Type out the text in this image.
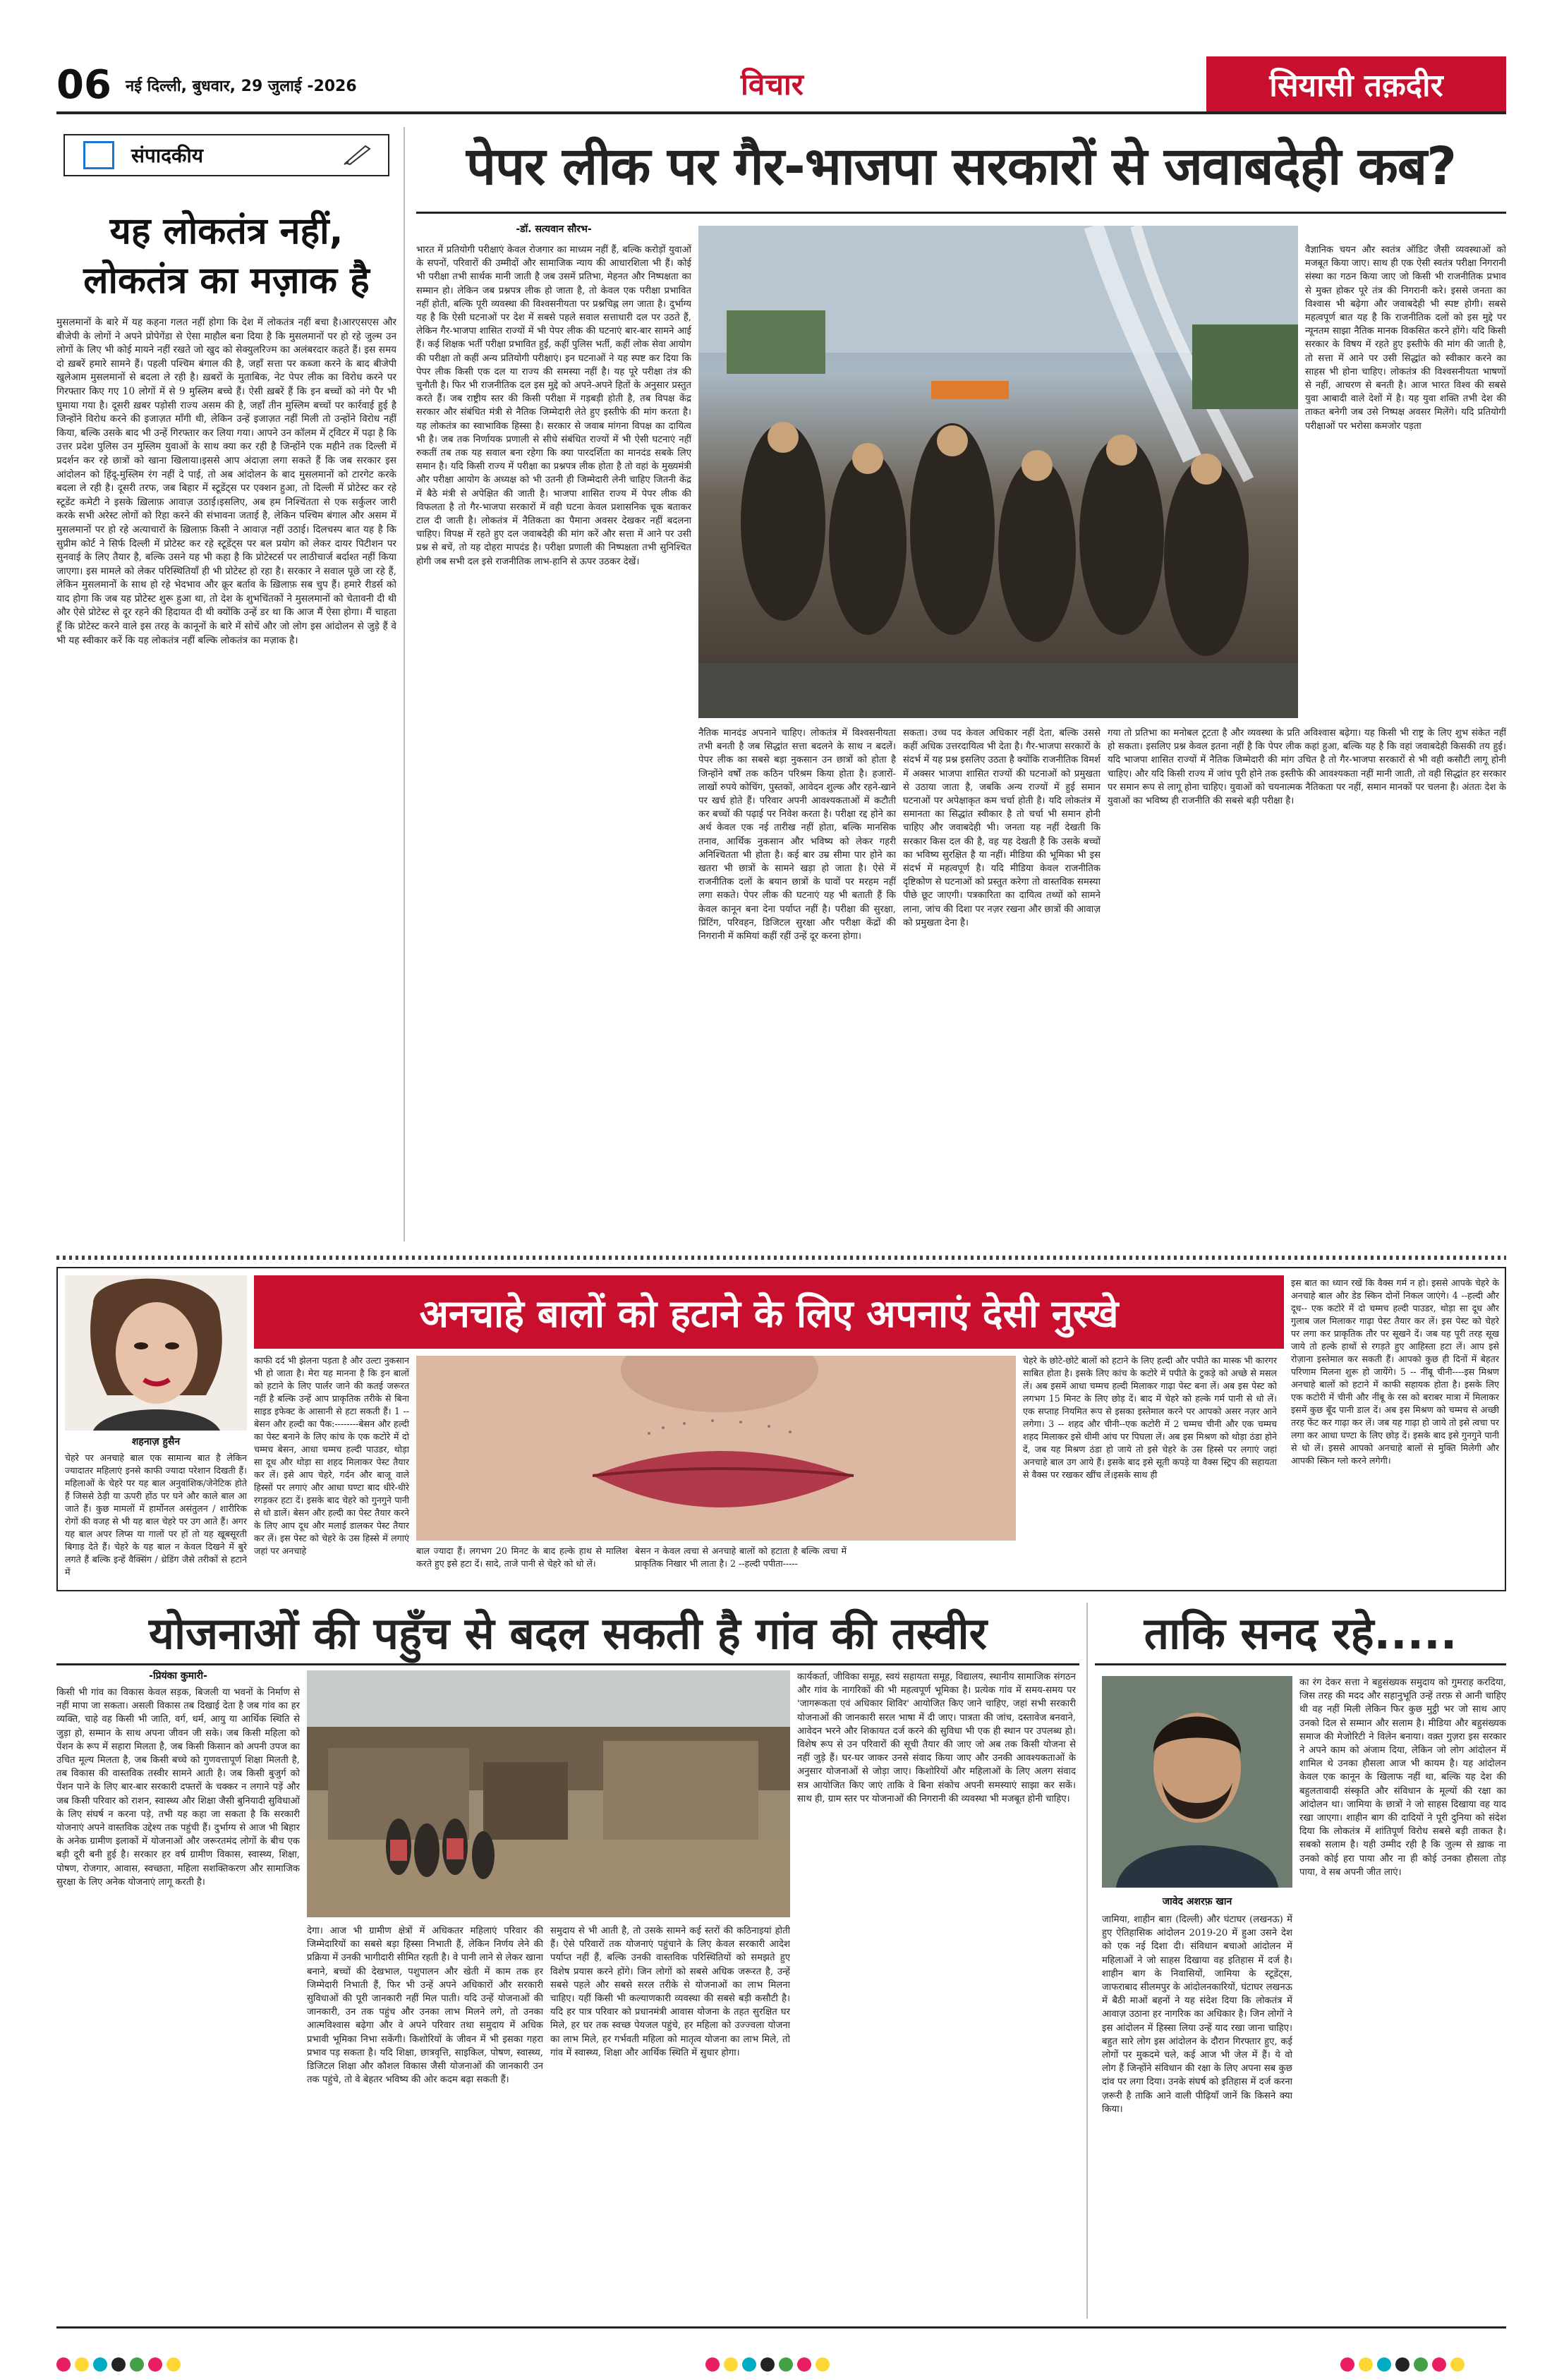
06 नई दिल्ली, बुधवार, 29 जुलाई -2026	विचार	सियासी तक़दीर
संपादकीय
यह लोकतंत्र नहीं,
लोकतंत्र का मज़ाक है
मुसलमानों के बारे में यह कहना गलत नहीं होगा कि देश में लोकतंत्र नहीं बचा है।आरएसएस और बीजेपी के लोगों ने अपने प्रोपेगेंडा से ऐसा माहौल बना दिया है कि मुसलमानों पर हो रहे जुल्म उन लोगों के लिए भी कोई मायने नहीं रखते जो खुद को सेक्युलरिज्म का अलंबरदार कहते हैं। इस समय दो ख़बरें हमारे सामने हैं। पहली पश्चिम बंगाल की है, जहाँ सत्ता पर कब्जा करने के बाद बीजेपी खुलेआम मुसलमानों से बदला ले रही है। ख़बरों के मुताबिक, नेट पेपर लीक का विरोध करने पर गिरफ्तार किए गए 10 लोगों में से 9 मुस्लिम बच्चे हैं। ऐसी ख़बरें हैं कि इन बच्चों को नंगे पैर भी घुमाया गया है। दूसरी ख़बर पड़ोसी राज्य असम की है, जहाँ तीन मुस्लिम बच्चों पर कार्रवाई हुई है जिन्होंने विरोध करने की इजाज़त माँगी थी, लेकिन उन्हें इजाज़त नहीं मिली तो उन्होंने विरोध नहीं किया, बल्कि उसके बाद भी उन्हें गिरफ्तार कर लिया गया। आपने उन कॉलम में ट्विटर में पढ़ा है कि उत्तर प्रदेश पुलिस उन मुस्लिम युवाओं के साथ क्या कर रही है जिन्होंने एक महीने तक दिल्ली में प्रदर्शन कर रहे छात्रों को खाना खिलाया।इससे आप अंदाज़ा लगा सकते हैं कि जब सरकार इस आंदोलन को हिंदू-मुस्लिम रंग नहीं दे पाई, तो अब आंदोलन के बाद मुसलमानों को टारगेट करके बदला ले रही है। दूसरी तरफ, जब बिहार में स्टूडेंट्स पर एक्शन हुआ, तो दिल्ली में प्रोटेस्ट कर रहे स्टूडेंट कमेटी ने इसके ख़िलाफ़ आवाज़ उठाई।इसलिए, अब हम निश्चिंतता से एक सर्कुलर जारी करके सभी अरेस्ट लोगों को रिहा करने की संभावना जताई है, लेकिन पश्चिम बंगाल और असम में मुसलमानों पर हो रहे अत्याचारों के ख़िलाफ़ किसी ने आवाज़ नहीं उठाई। दिलचस्प बात यह है कि सुप्रीम कोर्ट ने सिर्फ दिल्ली में प्रोटेस्ट कर रहे स्टूडेंट्स पर बल प्रयोग को लेकर दायर पिटीशन पर सुनवाई के लिए तैयार है, बल्कि उसने यह भी कहा है कि प्रोटेस्टर्स पर लाठीचार्ज बर्दाश्त नहीं किया जाएगा। इस मामले को लेकर परिस्थितियाँ ही भी प्रोटेस्ट हो रहा है। सरकार ने सवाल पूछे जा रहे हैं, लेकिन मुसलमानों के साथ हो रहे भेदभाव और क्रूर बर्ताव के ख़िलाफ़ सब चुप हैं। हमारे रीडर्स को याद होगा कि जब यह प्रोटेस्ट शुरू हुआ था, तो देश के शुभचिंतकों ने मुसलमानों को चेतावनी दी थी और ऐसे प्रोटेस्ट से दूर रहने की हिदायत दी थी क्योंकि उन्हें डर था कि आज मैं ऐसा होगा। मैं चाहता हूँ कि प्रोटेस्ट करने वाले इस तरह के कानूनों के बारे में सोचें और जो लोग इस आंदोलन से जुड़े हैं वे भी यह स्वीकार करें कि यह लोकतंत्र नहीं बल्कि लोकतंत्र का मज़ाक है।
पेपर लीक पर गैर-भाजपा सरकारों से जवाबदेही कब?
-डॉ. सत्यवान सौरभ-
भारत में प्रतियोगी परीक्षाएं केवल रोजगार का माध्यम नहीं हैं, बल्कि करोड़ों युवाओं के सपनों, परिवारों की उम्मीदों और सामाजिक न्याय की आधारशिला भी हैं। कोई भी परीक्षा तभी सार्थक मानी जाती है जब उसमें प्रतिभा, मेहनत और निष्पक्षता का सम्मान हो। लेकिन जब प्रश्नपत्र लीक हो जाता है, तो केवल एक परीक्षा प्रभावित नहीं होती, बल्कि पूरी व्यवस्था की विश्वसनीयता पर प्रश्नचिह्न लग जाता है। दुर्भाग्य यह है कि ऐसी घटनाओं पर देश में सबसे पहले सवाल सत्ताधारी दल पर उठते हैं, लेकिन गैर-भाजपा शासित राज्यों में भी पेपर लीक की घटनाएं बार-बार सामने आई हैं। कई शिक्षक भर्ती परीक्षा प्रभावित हुईं, कहीं पुलिस भर्ती, कहीं लोक सेवा आयोग की परीक्षा तो कहीं अन्य प्रतियोगी परीक्षाएं। इन घटनाओं ने यह स्पष्ट कर दिया कि पेपर लीक किसी एक दल या राज्य की समस्या नहीं है। यह पूरे परीक्षा तंत्र की चुनौती है। फिर भी राजनीतिक दल इस मुद्दे को अपने-अपने हितों के अनुसार प्रस्तुत करते हैं। जब राष्ट्रीय स्तर की किसी परीक्षा में गड़बड़ी होती है, तब विपक्ष केंद्र सरकार और संबंधित मंत्री से नैतिक जिम्मेदारी लेते हुए इस्तीफे की मांग करता है। यह लोकतंत्र का स्वाभाविक हिस्सा है। सरकार से जवाब मांगना विपक्ष का दायित्व भी है। जब तक निर्णायक प्रणाली से सीधे संबंधित राज्यों में भी ऐसी घटनाएं नहीं रुकतीं तब तक यह सवाल बना रहेगा कि क्या पारदर्शिता का मानदंड सबके लिए समान है। यदि किसी राज्य में परीक्षा का प्रश्नपत्र लीक होता है तो वहां के मुख्यमंत्री और परीक्षा आयोग के अध्यक्ष को भी उतनी ही जिम्मेदारी लेनी चाहिए जितनी केंद्र में बैठे मंत्री से अपेक्षित की जाती है। भाजपा शासित राज्य में पेपर लीक की विफलता है तो गैर-भाजपा सरकारों में वही घटना केवल प्रशासनिक चूक बताकर टाल दी जाती है। लोकतंत्र में नैतिकता का पैमाना अवसर देखकर नहीं बदलना चाहिए। विपक्ष में रहते हुए दल जवाबदेही की मांग करें और सत्ता में आने पर उसी प्रश्न से बचें, तो यह दोहरा मापदंड है। परीक्षा प्रणाली की निष्पक्षता तभी सुनिश्चित होगी जब सभी दल इसे राजनीतिक लाभ-हानि से ऊपर उठकर देखें।
वैज्ञानिक चयन और स्वतंत्र ऑडिट जैसी व्यवस्थाओं को मजबूत किया जाए। साथ ही एक ऐसी स्वतंत्र परीक्षा निगरानी संस्था का गठन किया जाए जो किसी भी राजनीतिक प्रभाव से मुक्त होकर पूरे तंत्र की निगरानी करे। इससे जनता का विश्वास भी बढ़ेगा और जवाबदेही भी स्पष्ट होगी। सबसे महत्वपूर्ण बात यह है कि राजनीतिक दलों को इस मुद्दे पर न्यूनतम साझा नैतिक मानक विकसित करने होंगे। यदि किसी सरकार के विषय में रहते हुए इस्तीफे की मांग की जाती है, तो सत्ता में आने पर उसी सिद्धांत को स्वीकार करने का साहस भी होना चाहिए। लोकतंत्र की विश्वसनीयता भाषणों से नहीं, आचरण से बनती है। आज भारत विश्व की सबसे युवा आबादी वाले देशों में है। यह युवा शक्ति तभी देश की ताकत बनेगी जब उसे निष्पक्ष अवसर मिलेंगे। यदि प्रतियोगी परीक्षाओं पर भरोसा कमजोर पड़ता
नैतिक मानदंड अपनाने चाहिए। लोकतंत्र में विश्वसनीयता तभी बनती है जब सिद्धांत सत्ता बदलने के साथ न बदलें। पेपर लीक का सबसे बड़ा नुकसान उन छात्रों को होता है जिन्होंने वर्षों तक कठिन परिश्रम किया होता है। हजारों-लाखों रुपये कोचिंग, पुस्तकों, आवेदन शुल्क और रहने-खाने पर खर्च होते हैं। परिवार अपनी आवश्यकताओं में कटौती कर बच्चों की पढ़ाई पर निवेश करता है। परीक्षा रद्द होने का अर्थ केवल एक नई तारीख नहीं होता, बल्कि मानसिक तनाव, आर्थिक नुकसान और भविष्य को लेकर गहरी अनिश्चितता भी होता है। कई बार उम्र सीमा पार होने का खतरा भी छात्रों के सामने खड़ा हो जाता है। ऐसे में राजनीतिक दलों के बयान छात्रों के घावों पर मरहम नहीं लगा सकते। पेपर लीक की घटनाएं यह भी बताती हैं कि केवल कानून बना देना पर्याप्त नहीं है। परीक्षा की सुरक्षा, प्रिंटिंग, परिवहन, डिजिटल सुरक्षा और परीक्षा केंद्रों की निगरानी में कमियां कहीं रहीं उन्हें दूर करना होगा।
सकता। उच्च पद केवल अधिकार नहीं देता, बल्कि उससे कहीं अधिक उत्तरदायित्व भी देता है। गैर-भाजपा सरकारों के संदर्भ में यह प्रश्न इसलिए उठता है क्योंकि राजनीतिक विमर्श में अक्सर भाजपा शासित राज्यों की घटनाओं को प्रमुखता से उठाया जाता है, जबकि अन्य राज्यों में हुई समान घटनाओं पर अपेक्षाकृत कम चर्चा होती है। यदि लोकतंत्र में समानता का सिद्धांत स्वीकार है तो चर्चा भी समान होनी चाहिए और जवाबदेही भी। जनता यह नहीं देखती कि सरकार किस दल की है, वह यह देखती है कि उसके बच्चों का भविष्य सुरक्षित है या नहीं। मीडिया की भूमिका भी इस संदर्भ में महत्वपूर्ण है। यदि मीडिया केवल राजनीतिक दृष्टिकोण से घटनाओं को प्रस्तुत करेगा तो वास्तविक समस्या पीछे छूट जाएगी। पत्रकारिता का दायित्व तथ्यों को सामने लाना, जांच की दिशा पर नज़र रखना और छात्रों की आवाज़ को प्रमुखता देना है।
गया तो प्रतिभा का मनोबल टूटता है और व्यवस्था के प्रति अविश्वास बढ़ेगा। यह किसी भी राष्ट्र के लिए शुभ संकेत नहीं हो सकता। इसलिए प्रश्न केवल इतना नहीं है कि पेपर लीक कहां हुआ, बल्कि यह है कि वहां जवाबदेही किसकी तय हुई। यदि भाजपा शासित राज्यों में नैतिक जिम्मेदारी की मांग उचित है तो गैर-भाजपा सरकारों से भी वही कसौटी लागू होनी चाहिए। और यदि किसी राज्य में जांच पूरी होने तक इस्तीफे की आवश्यकता नहीं मानी जाती, तो वही सिद्धांत हर सरकार पर समान रूप से लागू होना चाहिए। युवाओं को चयनात्मक नैतिकता पर नहीं, समान मानकों पर चलना है। अंततः देश के युवाओं का भविष्य ही राजनीति की सबसे बड़ी परीक्षा है।
शहनाज़ हुसैन
अनचाहे बालों को हटाने के लिए अपनाएं देसी नुस्खे
चेहरे पर अनचाहे बाल एक सामान्य बात है लेकिन ज्यादातर महिलाएं इनसे काफी ज्यादा परेशान दिखती हैं। महिलाओं के चेहरे पर यह बाल अनुवांशिक/जेनेटिक होते हैं जिससे ठेड़ी या ऊपरी होंठ पर घने और काले बाल आ जाते हैं। कुछ मामलों में हार्मोनल असंतुलन / शारीरिक रोगों की वजह से भी यह बाल चेहरे पर उग आते हैं। अगर यह बाल अपर लिप्स या गालों पर हों तो यह खूबसूरती बिगाड़ देते हैं। चेहरे के यह बाल न केवल दिखने में बुरे लगते हैं बल्कि इन्हें वैक्सिंग / थ्रेडिंग जैसे तरीकों से हटाने में
काफी दर्द भी झेलना पड़ता है और उल्टा नुकसान भी हो जाता है। मेरा यह मानना है कि इन बालों को हटाने के लिए पार्लर जाने की कतई जरूरत नहीं है बल्कि उन्हें आप प्राकृतिक तरीके से बिना साइड इफेक्ट के आसानी से हटा सकती हैं। 1 --बेसन और हल्दी का पैक:--------बेसन और हल्दी का पेस्ट बनाने के लिए कांच के एक कटोरे में दो चम्मच बेसन, आधा चम्मच हल्दी पाउडर, थोड़ा सा दूध और थोड़ा सा शहद मिलाकर पेस्ट तैयार कर लें। इसे आप चेहरे, गर्दन और बाजू वाले हिस्सों पर लगाएं और आधा घण्टा बाद धीरे-धीरे रगड़कर हटा दें। इसके बाद चेहरे को गुनगुने पानी से धो डालें। बेसन और हल्दी का पेस्ट तैयार करने के लिए आप दूध और मलाई डालकर पेस्ट तैयार कर लें। इस पेस्ट को चेहरे के उस हिस्से में लगाएं जहां पर अनचाहे	बाल ज्यादा हैं। लगभग 20 मिनट के बाद हल्के हाथ से मालिश करते हुए इसे हटा दें। सादे, ताजे पानी से चेहरे को धो लें।
बेसन न केवल त्वचा से अनचाहे बालों को हटाता है बल्कि त्वचा में प्राकृतिक निखार भी लाता है। 2 --हल्दी पपीता-----
चेहरे के छोटे-छोटे बालों को हटाने के लिए हल्दी और पपीते का मास्क भी कारगर साबित होता है। इसके लिए कांच के कटोरे में पपीते के टुकड़े को अच्छे से मसल लें। अब इसमें आधा चम्मच हल्दी मिलाकर गाढ़ा पेस्ट बना लें। अब इस पेस्ट को लगभग 15 मिनट के लिए छोड़ दें। बाद में चेहरे को हल्के गर्म पानी से धो लें। एक सप्ताह नियमित रूप से इसका इस्तेमाल करने पर आपको असर नज़र आने लगेगा। 3 -- शहद और चीनी--एक कटोरी में 2 चम्मच चीनी और एक चम्मच शहद मिलाकर इसे धीमी आंच पर पिघला लें। अब इस मिश्रण को थोड़ा ठंडा होने दें, जब यह मिश्रण ठंडा हो जाये तो इसे चेहरे के उस हिस्से पर लगाएं जहां अनचाहे बाल उग आये हैं। इसके बाद इसे सूती कपड़े या वैक्स स्ट्रिप की सहायता से वैक्स पर रखकर खींच लें।इसके साथ ही
इस बात का ध्यान रखें कि वैक्स गर्म न हो। इससे आपके चेहरे के अनचाहे बाल और डेड स्किन दोनों निकल जाएंगे। 4 --हल्दी और दूध-- एक कटोरे में दो चम्मच हल्दी पाउडर, थोड़ा सा दूध और गुलाब जल मिलाकर गाढ़ा पेस्ट तैयार कर लें। इस पेस्ट को चेहरे पर लगा कर प्राकृतिक तौर पर सूखने दें। जब यह पूरी तरह सूख जाये तो हल्के हाथों से रगड़ते हुए आहिस्ता हटा लें। आप इसे रोज़ाना इस्तेमाल कर सकती हैं। आपको कुछ ही दिनों में बेहतर परिणाम मिलना शुरू हो जायेंगे। 5 -- नींबू चीनी----इस मिश्रण अनचाहे बालों को हटाने में काफी सहायक होता है। इसके लिए एक कटोरी में चीनी और नींबू के रस को बराबर मात्रा में मिलाकर इसमें कुछ बूँद पानी डाल दें। अब इस मिश्रण को चम्मच से अच्छी तरह फेंट कर गाढ़ा कर लें। जब यह गाढ़ा हो जाये तो इसे त्वचा पर लगा कर आधा घण्टा के लिए छोड़ दें। इसके बाद इसे गुनगुने पानी से धो लें। इससे आपको अनचाहे बालों से मुक्ति मिलेगी और आपकी स्किन ग्लो करने लगेगी।
योजनाओं की पहुँच से बदल सकती है गांव की तस्वीर
-प्रियंका कुमारी-
किसी भी गांव का विकास केवल सड़क, बिजली या भवनों के निर्माण से नहीं मापा जा सकता। असली विकास तब दिखाई देता है जब गांव का हर व्यक्ति, चाहे वह किसी भी जाति, वर्ग, धर्म, आयु या आर्थिक स्थिति से जुड़ा हो, सम्मान के साथ अपना जीवन जी सके। जब किसी महिला को पेंशन के रूप में सहारा मिलता है, जब किसी किसान को अपनी उपज का उचित मूल्य मिलता है, जब किसी बच्चे को गुणवत्तापूर्ण शिक्षा मिलती है, तब विकास की वास्तविक तस्वीर सामने आती है। जब किसी बुजुर्ग को पेंशन पाने के लिए बार-बार सरकारी दफ्तरों के चक्कर न लगाने पड़ें और जब किसी परिवार को राशन, स्वास्थ्य और शिक्षा जैसी बुनियादी सुविधाओं के लिए संघर्ष न करना पड़े, तभी यह कहा जा सकता है कि सरकारी योजनाएं अपने वास्तविक उद्देश्य तक पहुंची हैं। दुर्भाग्य से आज भी बिहार के अनेक ग्रामीण इलाकों में योजनाओं और जरूरतमंद लोगों के बीच एक बड़ी दूरी बनी हुई है। सरकार हर वर्ष ग्रामीण विकास, स्वास्थ्य, शिक्षा, पोषण, रोजगार, आवास, स्वच्छता, महिला सशक्तिकरण और सामाजिक सुरक्षा के लिए अनेक योजनाएं लागू करती है।
देगा। आज भी ग्रामीण क्षेत्रों में अधिकतर महिलाएं परिवार की जिम्मेदारियों का सबसे बड़ा हिस्सा निभाती हैं, लेकिन निर्णय लेने की प्रक्रिया में उनकी भागीदारी सीमित रहती है। वे पानी लाने से लेकर खाना बनाने, बच्चों की देखभाल, पशुपालन और खेती में काम तक हर जिम्मेदारी निभाती हैं, फिर भी उन्हें अपने अधिकारों और सरकारी सुविधाओं की पूरी जानकारी नहीं मिल पाती। यदि उन्हें योजनाओं की जानकारी, उन तक पहुंच और उनका लाभ मिलने लगे, तो उनका आत्मविश्वास बढ़ेगा और वे अपने परिवार तथा समुदाय में अधिक प्रभावी भूमिका निभा सकेंगी। किशोरियों के जीवन में भी इसका गहरा प्रभाव पड़ सकता है। यदि शिक्षा, छात्रवृत्ति, साइकिल, पोषण, स्वास्थ्य, डिजिटल शिक्षा और कौशल विकास जैसी योजनाओं की जानकारी उन तक पहुंचे, तो वे बेहतर भविष्य की ओर कदम बढ़ा सकती हैं।
समुदाय से भी आती है, तो उसके सामने कई स्तरों की कठिनाइयां होती हैं। ऐसे परिवारों तक योजनाएं पहुंचाने के लिए केवल सरकारी आदेश पर्याप्त नहीं हैं, बल्कि उनकी वास्तविक परिस्थितियों को समझते हुए विशेष प्रयास करने होंगे। जिन लोगों को सबसे अधिक जरूरत है, उन्हें सबसे पहले और सबसे सरल तरीके से योजनाओं का लाभ मिलना चाहिए। यहीं किसी भी कल्याणकारी व्यवस्था की सबसे बड़ी कसौटी है। यदि हर पात्र परिवार को प्रधानमंत्री आवास योजना के तहत सुरक्षित घर मिले, हर घर तक स्वच्छ पेयजल पहुंचे, हर महिला को उज्ज्वला योजना का लाभ मिले, हर गर्भवती महिला को मातृत्व योजना का लाभ मिले, तो गांव में स्वास्थ्य, शिक्षा और आर्थिक स्थिति में सुधार होगा।
कार्यकर्ता, जीविका समूह, स्वयं सहायता समूह, विद्यालय, स्थानीय सामाजिक संगठन और गांव के नागरिकों की भी महत्वपूर्ण भूमिका है। प्रत्येक गांव में समय-समय पर 'जागरूकता एवं अधिकार शिविर' आयोजित किए जाने चाहिए, जहां सभी सरकारी योजनाओं की जानकारी सरल भाषा में दी जाए। पात्रता की जांच, दस्तावेज बनवाने, आवेदन भरने और शिकायत दर्ज करने की सुविधा भी एक ही स्थान पर उपलब्ध हो। विशेष रूप से उन परिवारों की सूची तैयार की जाए जो अब तक किसी योजना से नहीं जुड़े हैं। घर-घर जाकर उनसे संवाद किया जाए और उनकी आवश्यकताओं के अनुसार योजनाओं से जोड़ा जाए। किशोरियों और महिलाओं के लिए अलग संवाद सत्र आयोजित किए जाएं ताकि वे बिना संकोच अपनी समस्याएं साझा कर सकें। साथ ही, ग्राम स्तर पर योजनाओं की निगरानी की व्यवस्था भी मजबूत होनी चाहिए।
ताकि सनद रहे.....
जावेद अशरफ़ खान
जामिया, शाहीन बाग़ (दिल्ली) और घंटाघर (लखनऊ) में हुए ऐतिहासिक आंदोलन 2019-20 में हुआ उसने देश को एक नई दिशा दी। संविधान बचाओ आंदोलन में महिलाओं ने जो साहस दिखाया वह इतिहास में दर्ज है। शाहीन बाग के निवासियों, जामिया के स्टूडेंट्स, जाफराबाद सीलमपुर के आंदोलनकारियों, घंटाघर लखनऊ में बैठी माओं बहनों ने यह संदेश दिया कि लोकतंत्र में आवाज़ उठाना हर नागरिक का अधिकार है। जिन लोगों ने इस आंदोलन में हिस्सा लिया उन्हें याद रखा जाना चाहिए। बहुत सारे लोग इस आंदोलन के दौरान गिरफ्तार हुए, कई लोगों पर मुकदमे चले, कई आज भी जेल में हैं। ये वो लोग हैं जिन्होंने संविधान की रक्षा के लिए अपना सब कुछ दांव पर लगा दिया। उनके संघर्ष को इतिहास में दर्ज करना ज़रूरी है ताकि आने वाली पीढ़ियाँ जानें कि किसने क्या किया।
का रंग देकर सत्ता ने बहुसंख्यक समुदाय को गुमराह करदिया, जिस तरह की मदद और सहानुभूति उन्हें तरफ़ से आनी चाहिए थी वह नहीं मिली लेकिन फिर कुछ मुट्ठी भर जो साथ आए उनको दिल से सम्मान और सलाम है। मीडिया और बहुसंख्यक समाज की मेजोरिटी ने विलेन बनाया। वक़्त गुज़रा इस सरकार ने अपने काम को अंजाम दिया, लेकिन जो लोग आंदोलन में शामिल थे उनका हौसला आज भी कायम है। यह आंदोलन केवल एक कानून के खिलाफ नहीं था, बल्कि यह देश की बहुलतावादी संस्कृति और संविधान के मूल्यों की रक्षा का आंदोलन था। जामिया के छात्रों ने जो साहस दिखाया वह याद रखा जाएगा। शाहीन बाग की दादियों ने पूरी दुनिया को संदेश दिया कि लोकतंत्र में शांतिपूर्ण विरोध सबसे बड़ी ताकत है। सबको सलाम है। यही उम्मीद रही है कि जुल्म से ख़ाक ना उनको कोई हरा पाया और ना ही कोई उनका हौसला तोड़ पाया, वे सब अपनी जीत लाएं।
